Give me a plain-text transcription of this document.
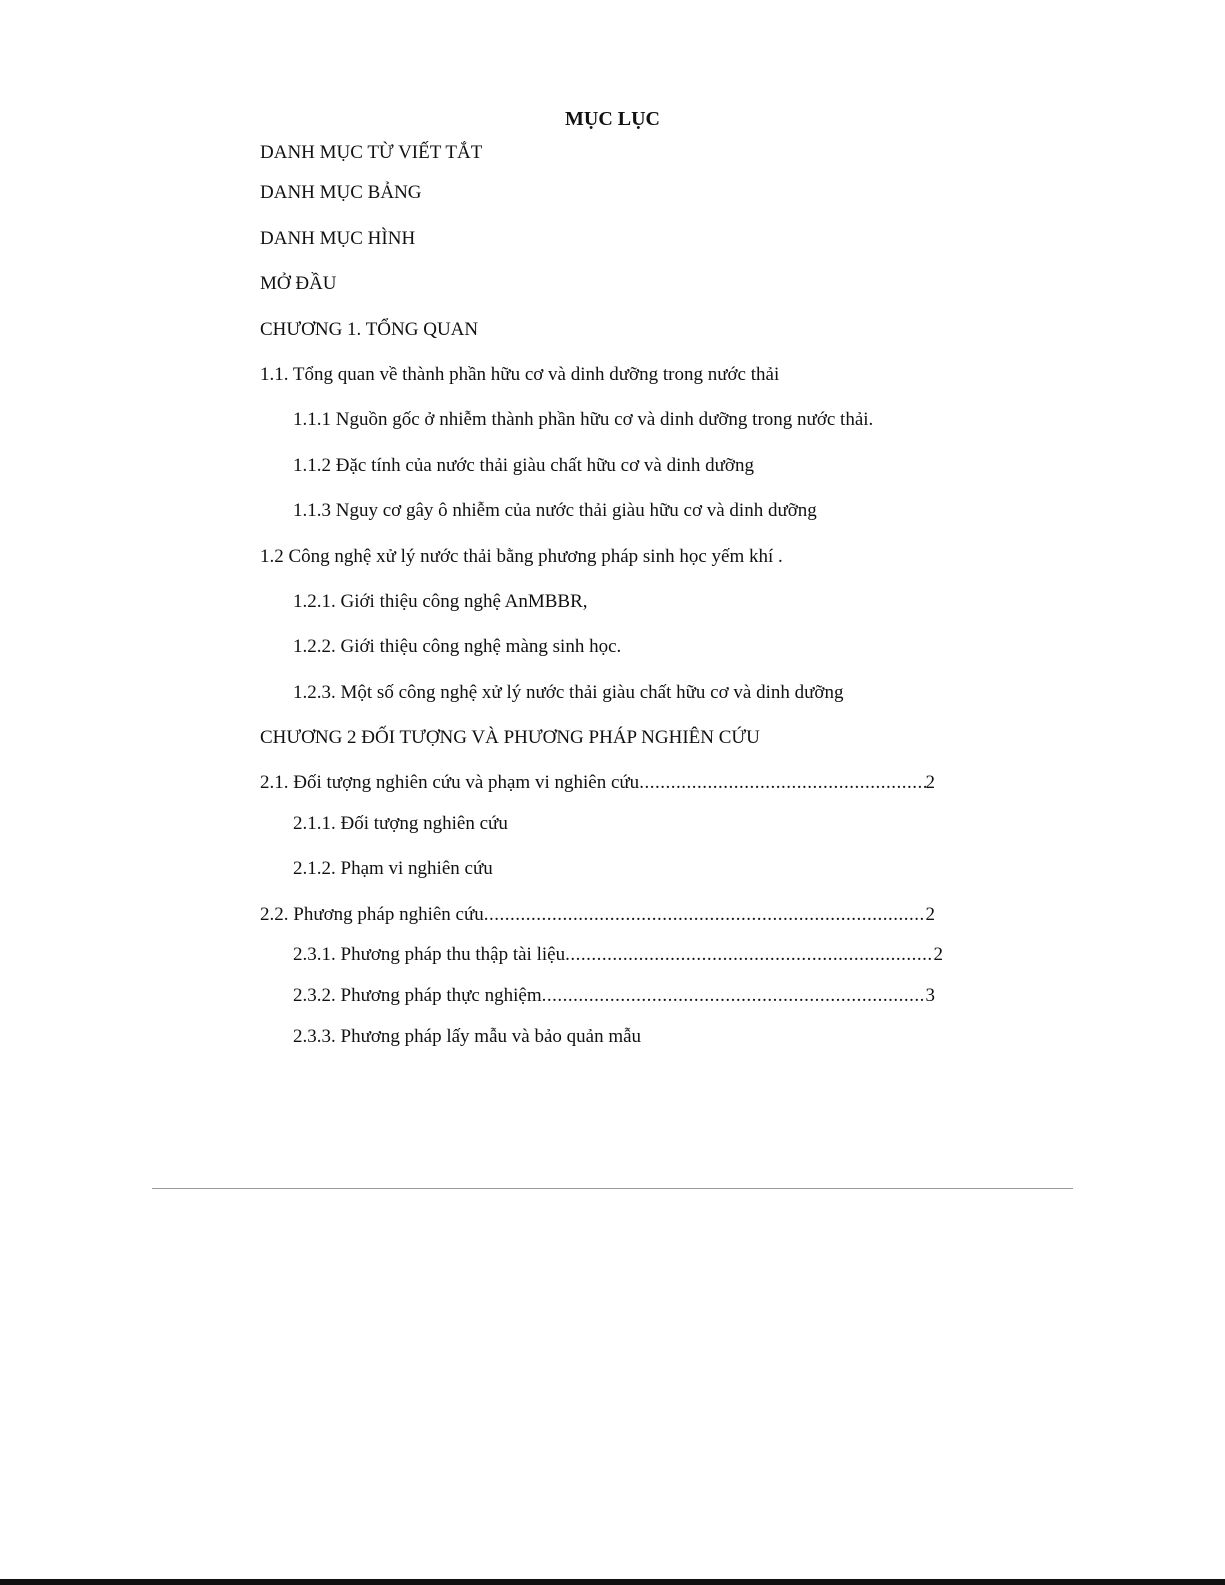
MỤC LỤC
DANH MỤC TỪ VIẾT TẮT
DANH MỤC BẢNG
DANH MỤC HÌNH
MỞ ĐẦU
CHƯƠNG 1. TỔNG QUAN
1.1. Tổng quan về thành phần hữu cơ và dinh dưỡng trong nước thải
1.1.1 Nguồn gốc ở nhiễm thành phần hữu cơ và dinh dưỡng trong nước thải.
1.1.2 Đặc tính của nước thải giàu chất hữu cơ và dinh dưỡng
1.1.3 Nguy cơ gây ô nhiễm của nước thải giàu hữu cơ và dinh dưỡng
1.2 Công nghệ xử lý nước thải bằng phương pháp sinh học yếm khí .
1.2.1. Giới thiệu công nghệ AnMBBR,
1.2.2. Giới thiệu công nghệ màng sinh học.
1.2.3. Một số công nghệ xử lý nước thải giàu chất hữu cơ và dinh dưỡng
CHƯƠNG 2 ĐỐI TƯỢNG VÀ PHƯƠNG PHÁP NGHIÊN CỨU
2.1. Đối tượng nghiên cứu và phạm vi nghiên cứu .....	2
2.1.1. Đối tượng nghiên cứu
2.1.2. Phạm vi nghiên cứu
2.2. Phương pháp nghiên cứu .....	2
2.3.1. Phương pháp thu thập tài liệu .....	2
2.3.2. Phương pháp thực nghiệm .....	3
2.3.3. Phương pháp lấy mẫu và bảo quản mẫu
